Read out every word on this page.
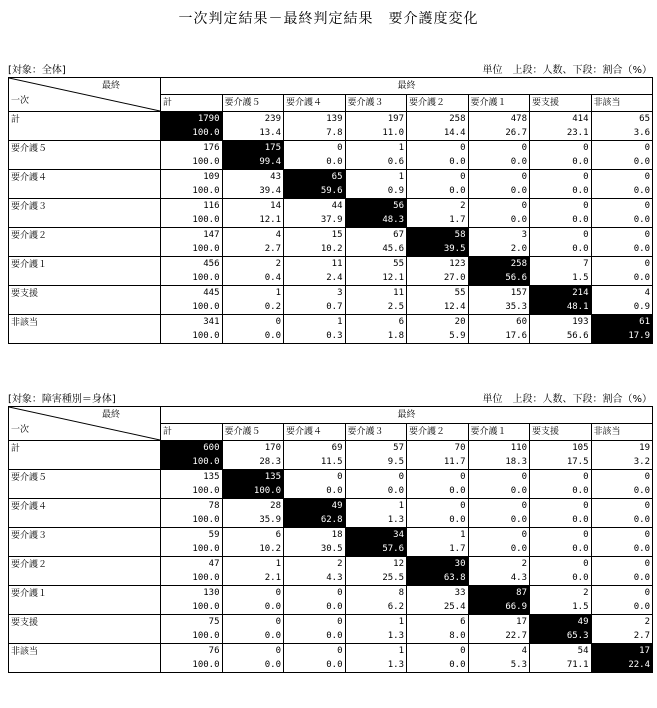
一次判定結果－最終判定結果　要介護度変化
[対象：全体]	単位　上段：人数、下段：割合（%）
最終
一次	最終							
	計	要介護５	要介護４	要介護３	要介護２	要介護１	要支援	非該当
計	1790	239	139	197	258	478	414	65
	100.0	13.4	7.8	11.0	14.4	26.7	23.1	3.6
要介護５	176	175	0	1	0	0	0	0
	100.0	99.4	0.0	0.6	0.0	0.0	0.0	0.0
要介護４	109	43	65	1	0	0	0	0
	100.0	39.4	59.6	0.9	0.0	0.0	0.0	0.0
要介護３	116	14	44	56	2	0	0	0
	100.0	12.1	37.9	48.3	1.7	0.0	0.0	0.0
要介護２	147	4	15	67	58	3	0	0
	100.0	2.7	10.2	45.6	39.5	2.0	0.0	0.0
要介護１	456	2	11	55	123	258	7	0
	100.0	0.4	2.4	12.1	27.0	56.6	1.5	0.0
要支援	445	1	3	11	55	157	214	4
	100.0	0.2	0.7	2.5	12.4	35.3	48.1	0.9
非該当	341	0	1	6	20	60	193	61
	100.0	0.0	0.3	1.8	5.9	17.6	56.6	17.9
[対象：障害種別＝身体]	単位　上段：人数、下段：割合（%）
最終
一次	最終							
	計	要介護５	要介護４	要介護３	要介護２	要介護１	要支援	非該当
計	600	170	69	57	70	110	105	19
	100.0	28.3	11.5	9.5	11.7	18.3	17.5	3.2
要介護５	135	135	0	0	0	0	0	0
	100.0	100.0	0.0	0.0	0.0	0.0	0.0	0.0
要介護４	78	28	49	1	0	0	0	0
	100.0	35.9	62.8	1.3	0.0	0.0	0.0	0.0
要介護３	59	6	18	34	1	0	0	0
	100.0	10.2	30.5	57.6	1.7	0.0	0.0	0.0
要介護２	47	1	2	12	30	2	0	0
	100.0	2.1	4.3	25.5	63.8	4.3	0.0	0.0
要介護１	130	0	0	8	33	87	2	0
	100.0	0.0	0.0	6.2	25.4	66.9	1.5	0.0
要支援	75	0	0	1	6	17	49	2
	100.0	0.0	0.0	1.3	8.0	22.7	65.3	2.7
非該当	76	0	0	1	0	4	54	17
	100.0	0.0	0.0	1.3	0.0	5.3	71.1	22.4
